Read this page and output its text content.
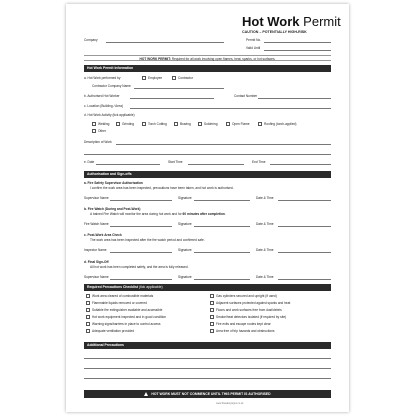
Hot Work Permit
CAUTION – POTENTIALLY HIGH-RISK
Company	Permit No.
Valid Until
HOT WORK PERMIT: Required for all work involving open flames, heat, sparks, or hot surfaces.
Hot Work Permit Information
a. Hot Work performed by	Employee	Contractor
Contractor Company Name
b. Authorised Hot Worker	Contact Number
c. Location (Building / Area)
d. Hot Work Activity (tick applicable)
Welding	Grinding	Torch Cutting	Brazing	Soldering	Open Flame	Roofing (torch-applied)
Other
Description of Work
e. Date	Start Time	End Time
Authorisation and Sign-offs
a. Fire Safety Supervisor Authorisation
I confirm the work area has been inspected, precautions have been taken, and hot work is authorised.
Supervisor Name	Signature	Date & Time
b. Fire Watch (During and Post-Work)
A trained Fire Watch will monitor the area during hot work and for 60 minutes after completion.
Fire Watch Name	Signature	Date & Time
c. Post-Work Area Check
The work area has been inspected after the fire watch period and confirmed safe.
Inspector Name	Signature	Date & Time
d. Final Sign-Off
All hot work has been completed safely, and the area is fully released.
Supervisor Name	Signature	Date & Time
Required Precautions Checklist (tick applicable)
Work area cleared of combustible materials
Flammable liquids removed or covered
Suitable fire extinguisher available and accessible
Hot work equipment inspected and in good condition
Warning signs/barriers in place to control access
Adequate ventilation provided
Gas cylinders secured and upright (if used)
Adjacent surfaces protected against sparks and heat
Floors and work surfaces free from dust/debris
Smoke/heat detectors isolated (if required by site)
Fire exits and escape routes kept clear
Area free of trip hazards and obstructions
Additional Precautions
HOT WORK MUST NOT COMMENCE UNTIL THIS PERMIT IS AUTHORISED
www.firesafetysigns.co.uk
